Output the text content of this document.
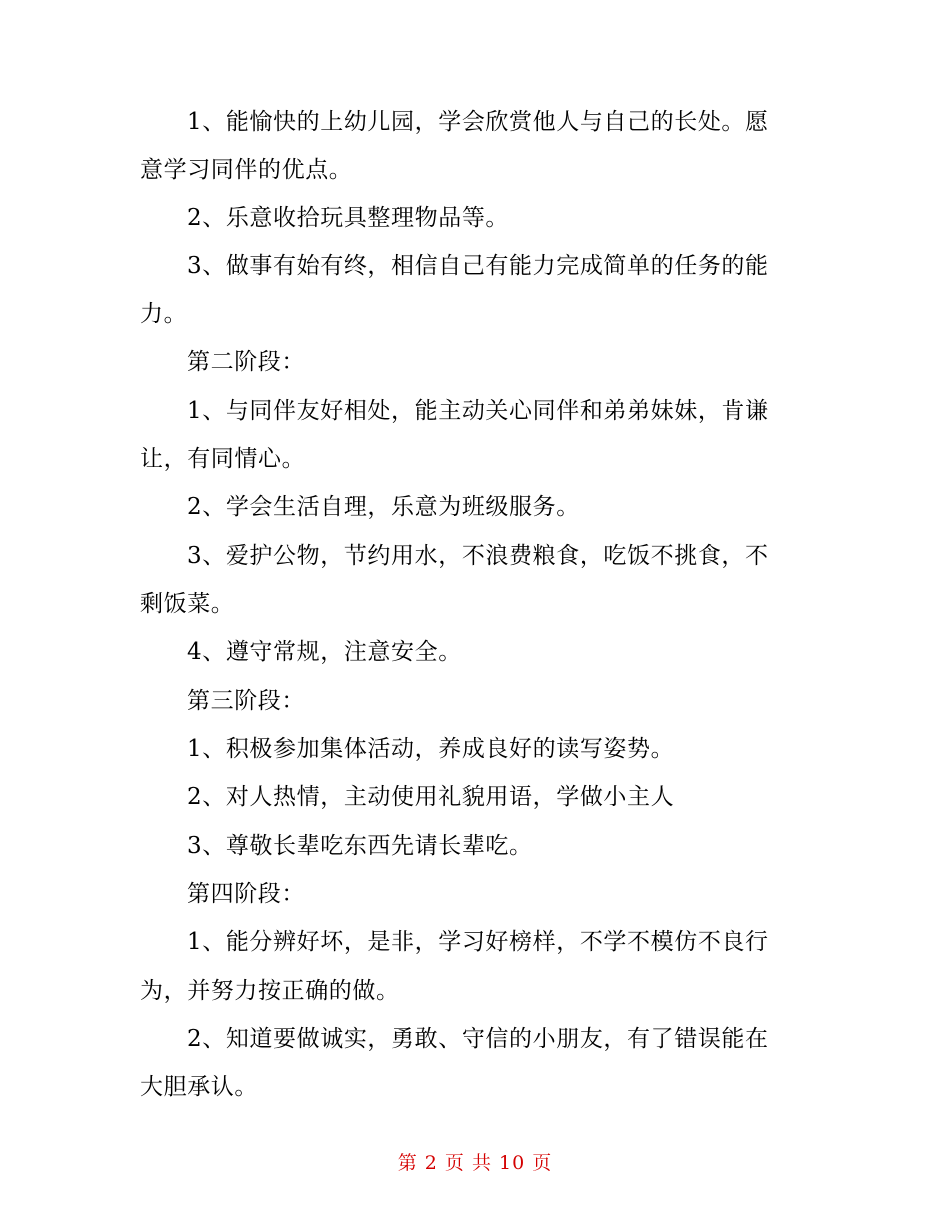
1、能愉快的上幼儿园，学会欣赏他人与自己的长处。愿
意学习同伴的优点。
2、乐意收拾玩具整理物品等。
3、做事有始有终，相信自己有能力完成简单的任务的能
力。
第二阶段：
1、与同伴友好相处，能主动关心同伴和弟弟妹妹，肯谦
让，有同情心。
2、学会生活自理，乐意为班级服务。
3、爱护公物，节约用水，不浪费粮食，吃饭不挑食，不
剩饭菜。
4、遵守常规，注意安全。
第三阶段：
1、积极参加集体活动，养成良好的读写姿势。
2、对人热情，主动使用礼貌用语，学做小主人
3、尊敬长辈吃东西先请长辈吃。
第四阶段：
1、能分辨好坏，是非，学习好榜样，不学不模仿不良行
为，并努力按正确的做。
2、知道要做诚实，勇敢、守信的小朋友，有了错误能在
大胆承认。
第 2 页 共 10 页
